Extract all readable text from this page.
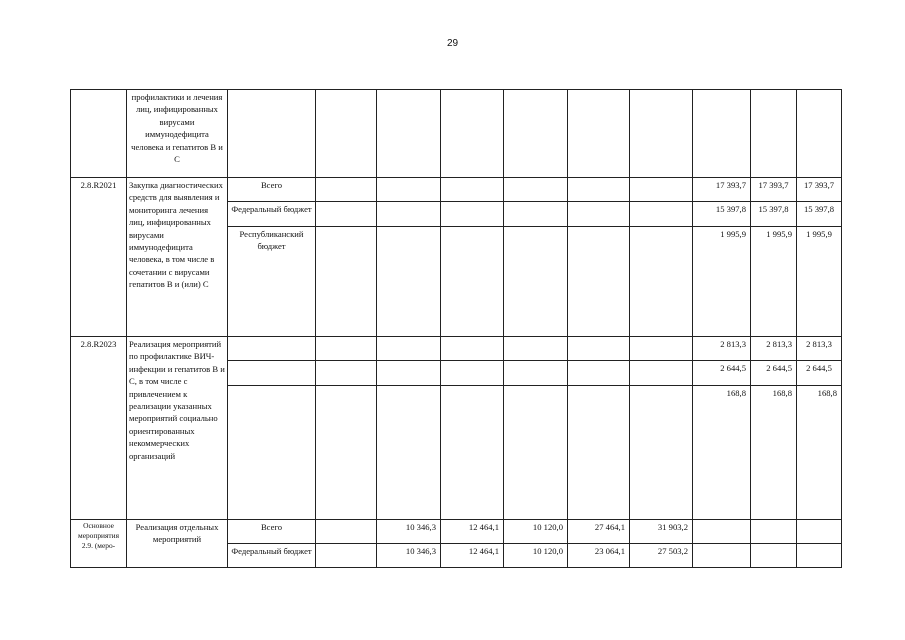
29
	профилактики и лечения лиц, инфицированных вирусами иммунодефицита человека и гепатитов В и С										
2.8.R2021	Закупка диагностических средств для выявления и мониторинга лечения лиц, инфицированных вирусами иммунодефицита человека, в том числе в сочетании с вирусами гепатитов В и (или) С	Всего							17 393,7	17 393,7	17 393,7
		Федеральный бюджет							15 397,8	15 397,8	15 397,8
		Республиканский бюджет							1 995,9	1 995,9	1 995,9
2.8.R2023	Реализация мероприятий по профилактике ВИЧ-инфекции и гепатитов В и С, в том числе с привлечением к реализации указанных мероприятий социально ориентированных некоммерческих организаций								2 813,3	2 813,3	2 813,3
									2 644,5	2 644,5	2 644,5
									168,8	168,8	168,8
Основное мероприятия 2.9. (меро-	Реализация отдельных мероприятий	Всего		10 346,3	12 464,1	10 120,0	27 464,1	31 903,2			
		Федеральный бюджет		10 346,3	12 464,1	10 120,0	23 064,1	27 503,2			
